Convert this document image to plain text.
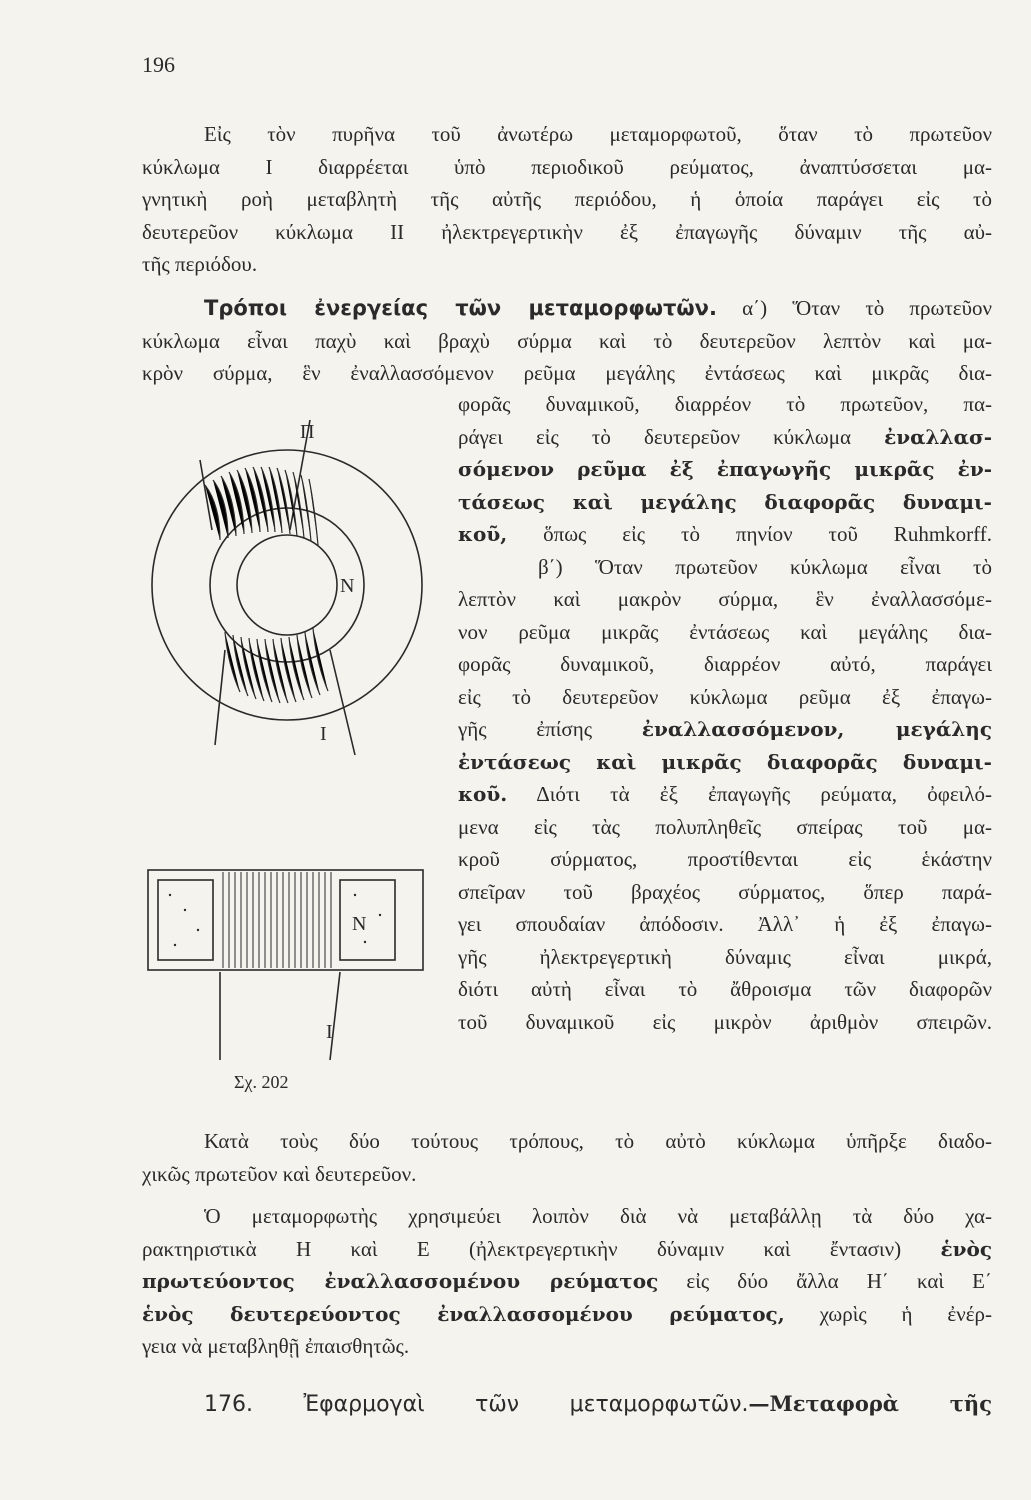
196
Εἰς τὸν πυρῆνα τοῦ ἀνωτέρω μεταμορφωτοῦ, ὅταν τὸ πρωτεῦον
κύκλωμα I διαρρέεται ὑπὸ περιοδικοῦ ρεύματος, ἀναπτύσσεται μα-
γνητικὴ ροὴ μεταβλητὴ τῆς αὐτῆς περιόδου, ἡ ὁποία παράγει εἰς τὸ
δευτερεῦον κύκλωμα II ἠλεκτρεγερτικὴν ἐξ ἐπαγωγῆς δύναμιν τῆς αὐ-
τῆς περιόδου.
Τρόποι ἐνεργείας τῶν μεταμορφωτῶν. α΄) Ὅταν τὸ πρωτεῦον
κύκλωμα εἶναι παχὺ καὶ βραχὺ σύρμα καὶ τὸ δευτερεῦον λεπτὸν καὶ μα-
κρὸν σύρμα, ἓν ἐναλλασσόμενον ρεῦμα μεγάλης ἐντάσεως καὶ μικρᾶς δια-
φορᾶς δυναμικοῦ, διαρρέον τὸ πρωτεῦον, πα-
ράγει εἰς τὸ δευτερεῦον κύκλωμα ἐναλλασ-
σόμενον ρεῦμα ἐξ ἐπαγωγῆς μικρᾶς ἐν-
τάσεως καὶ μεγάλης διαφορᾶς δυναμι-
κοῦ, ὅπως εἰς τὸ πηνίον τοῦ Ruhmkorff.
β΄) Ὅταν πρωτεῦον κύκλωμα εἶναι τὸ
λεπτὸν καὶ μακρὸν σύρμα, ἓν ἐναλλασσόμε-
νον ρεῦμα μικρᾶς ἐντάσεως καὶ μεγάλης δια-
φορᾶς δυναμικοῦ, διαρρέον αὐτό, παράγει
εἰς τὸ δευτερεῦον κύκλωμα ρεῦμα ἐξ ἐπαγω-
γῆς ἐπίσης ἐναλλασσόμενον, μεγάλης
ἐντάσεως καὶ μικρᾶς διαφορᾶς δυναμι-
κοῦ. Διότι τὰ ἐξ ἐπαγωγῆς ρεύματα, ὀφειλό-
μενα εἰς τὰς πολυπληθεῖς σπείρας τοῦ μα-
κροῦ σύρματος, προστίθενται εἰς ἑκάστην
σπεῖραν τοῦ βραχέος σύρματος, ὅπερ παρά-
γει σπουδαίαν ἀπόδοσιν. Ἀλλ᾿ ἡ ἐξ ἐπαγω-
γῆς ἠλεκτρεγερτικὴ δύναμις εἶναι μικρά,
διότι αὐτὴ εἶναι τὸ ἄθροισμα τῶν διαφορῶν
τοῦ δυναμικοῦ εἰς μικρὸν ἀριθμὸν σπειρῶν.
Π
N
I
N
I
Σχ. 202
Κατὰ τοὺς δύο τούτους τρόπους, τὸ αὐτὸ κύκλωμα ὑπῆρξε διαδο-
χικῶς πρωτεῦον καὶ δευτερεῦον.
Ὁ μεταμορφωτὴς χρησιμεύει λοιπὸν διὰ νὰ μεταβάλλῃ τὰ δύο χα-
ρακτηριστικὰ Η καὶ Ε (ἠλεκτρεγερτικὴν δύναμιν καὶ ἔντασιν) ἑνὸς
πρωτεύοντος ἐναλλασσομένου ρεύματος εἰς δύο ἄλλα Η΄ καὶ Ε΄
ἑνὸς δευτερεύοντος ἐναλλασσομένου ρεύματος, χωρὶς ἡ ἐνέρ-
γεια νὰ μεταβληθῇ ἐπαισθητῶς.
176. Ἐφαρμογαὶ τῶν μεταμορφωτῶν.—Μεταφορὰ τῆς
